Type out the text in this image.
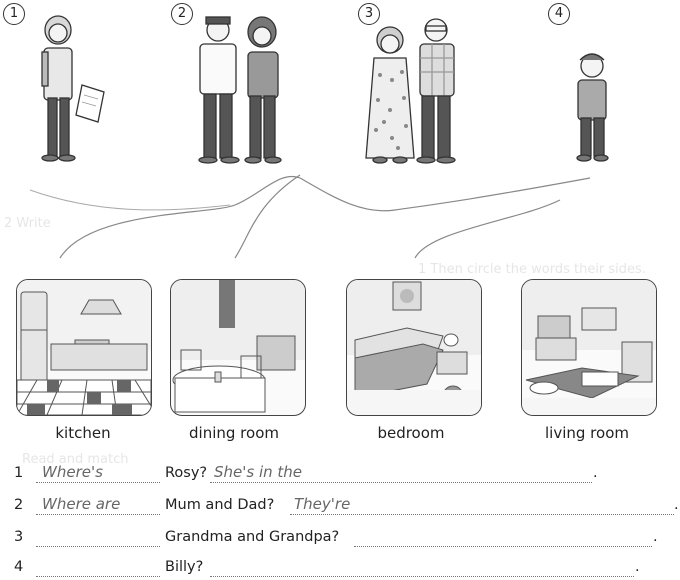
2 Write
1 Then circle the words their sides.
Read and match
1	2	3	4
kitchen	dining room	bedroom	living room
1 Where's	Rosy? She's in the	.
2 Where are	Mum and Dad? They're	.
3	Grandma and Grandpa?	.
4	Billy?	.
